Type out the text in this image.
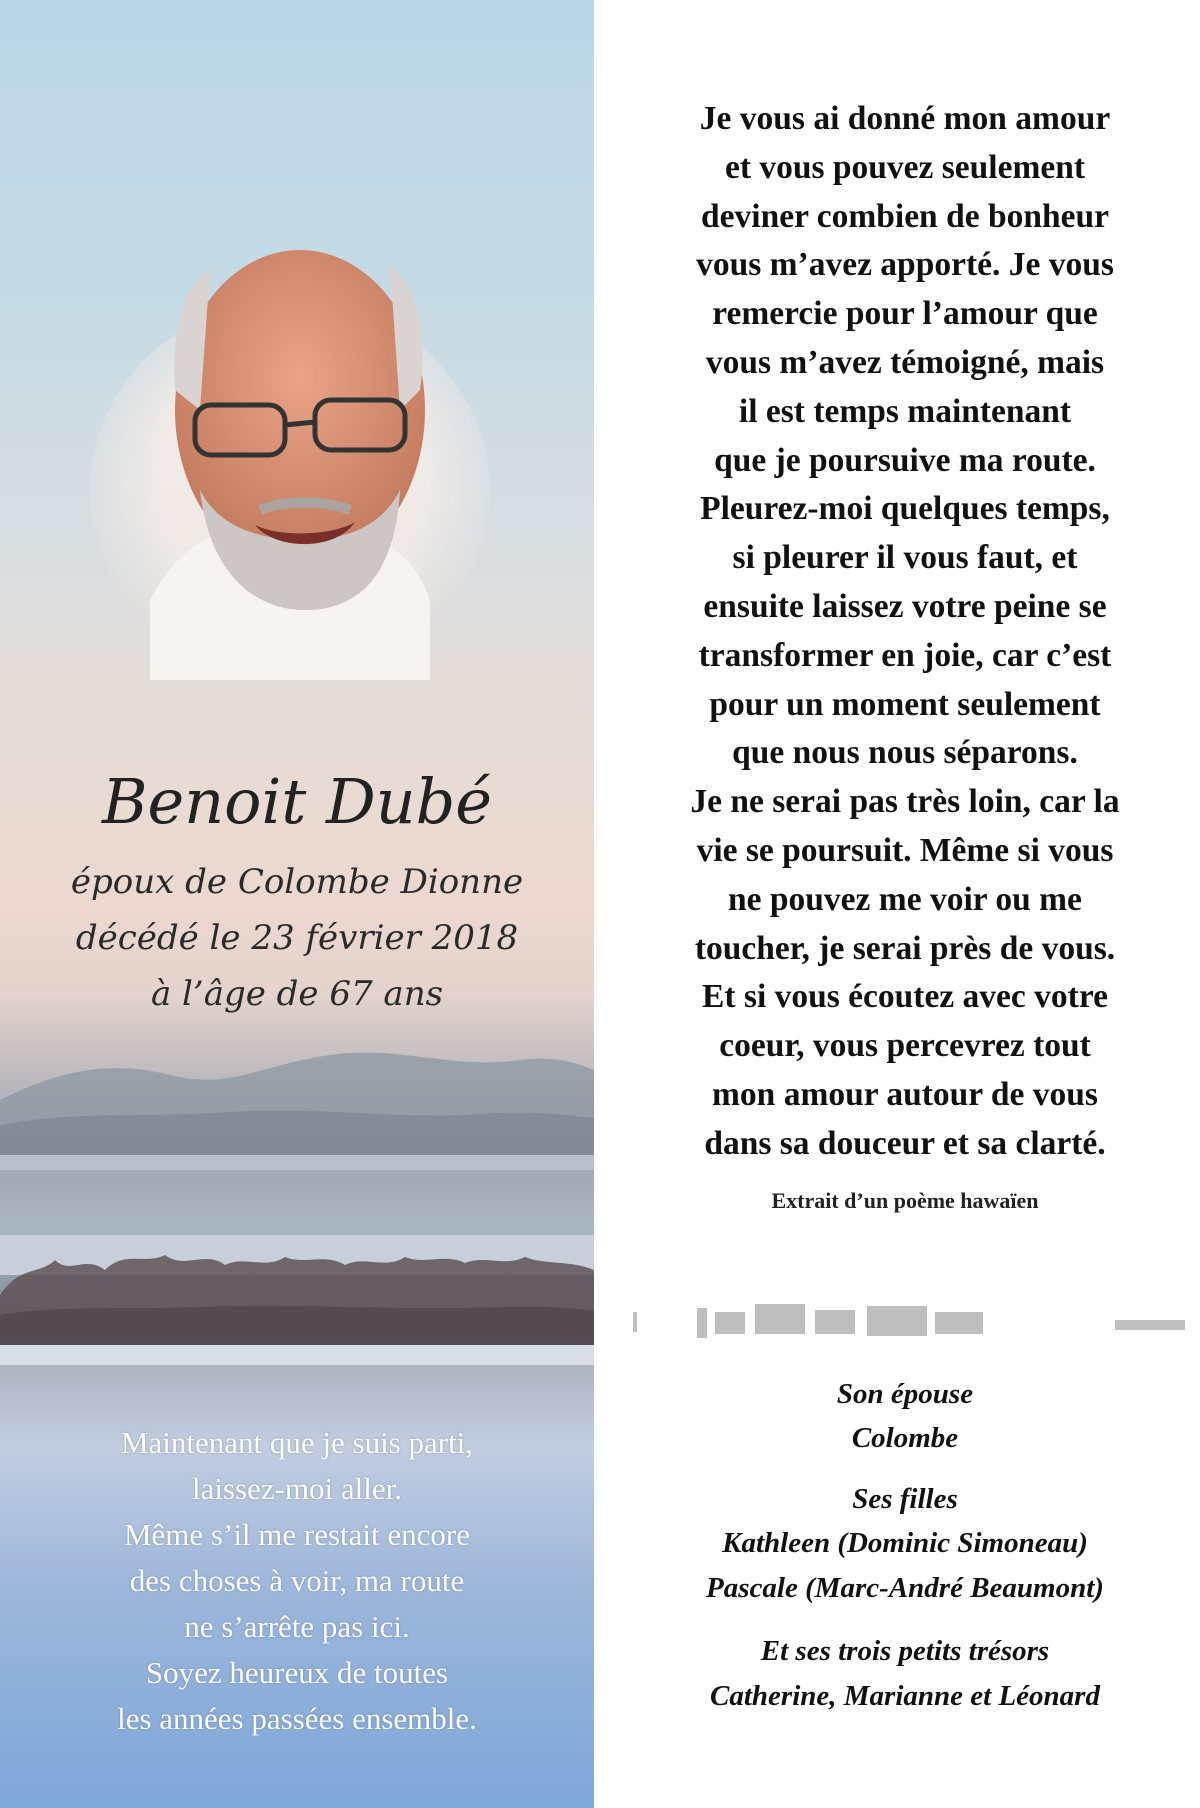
Benoit Dubé
époux de Colombe Dionne
décédé le 23 février 2018
à l’âge de 67 ans
Maintenant que je suis parti,
laissez-moi aller.
Même s’il me restait encore
des choses à voir, ma route
ne s’arrête pas ici.
Soyez heureux de toutes
les années passées ensemble.
Je vous ai donné mon amour
et vous pouvez seulement
deviner combien de bonheur
vous m’avez apporté. Je vous
remercie pour l’amour que
vous m’avez témoigné, mais
il est temps maintenant
que je poursuive ma route.
Pleurez-moi quelques temps,
si pleurer il vous faut, et
ensuite laissez votre peine se
transformer en joie, car c’est
pour un moment seulement
que nous nous séparons.
Je ne serai pas très loin, car la
vie se poursuit. Même si vous
ne pouvez me voir ou me
toucher, je serai près de vous.
Et si vous écoutez avec votre
coeur, vous percevrez tout
mon amour autour de vous
dans sa douceur et sa clarté.
Extrait d’un poème hawaïen
Son épouse
Colombe
Ses filles
Kathleen (Dominic Simoneau)
Pascale (Marc-André Beaumont)
Et ses trois petits trésors
Catherine, Marianne et Léonard
